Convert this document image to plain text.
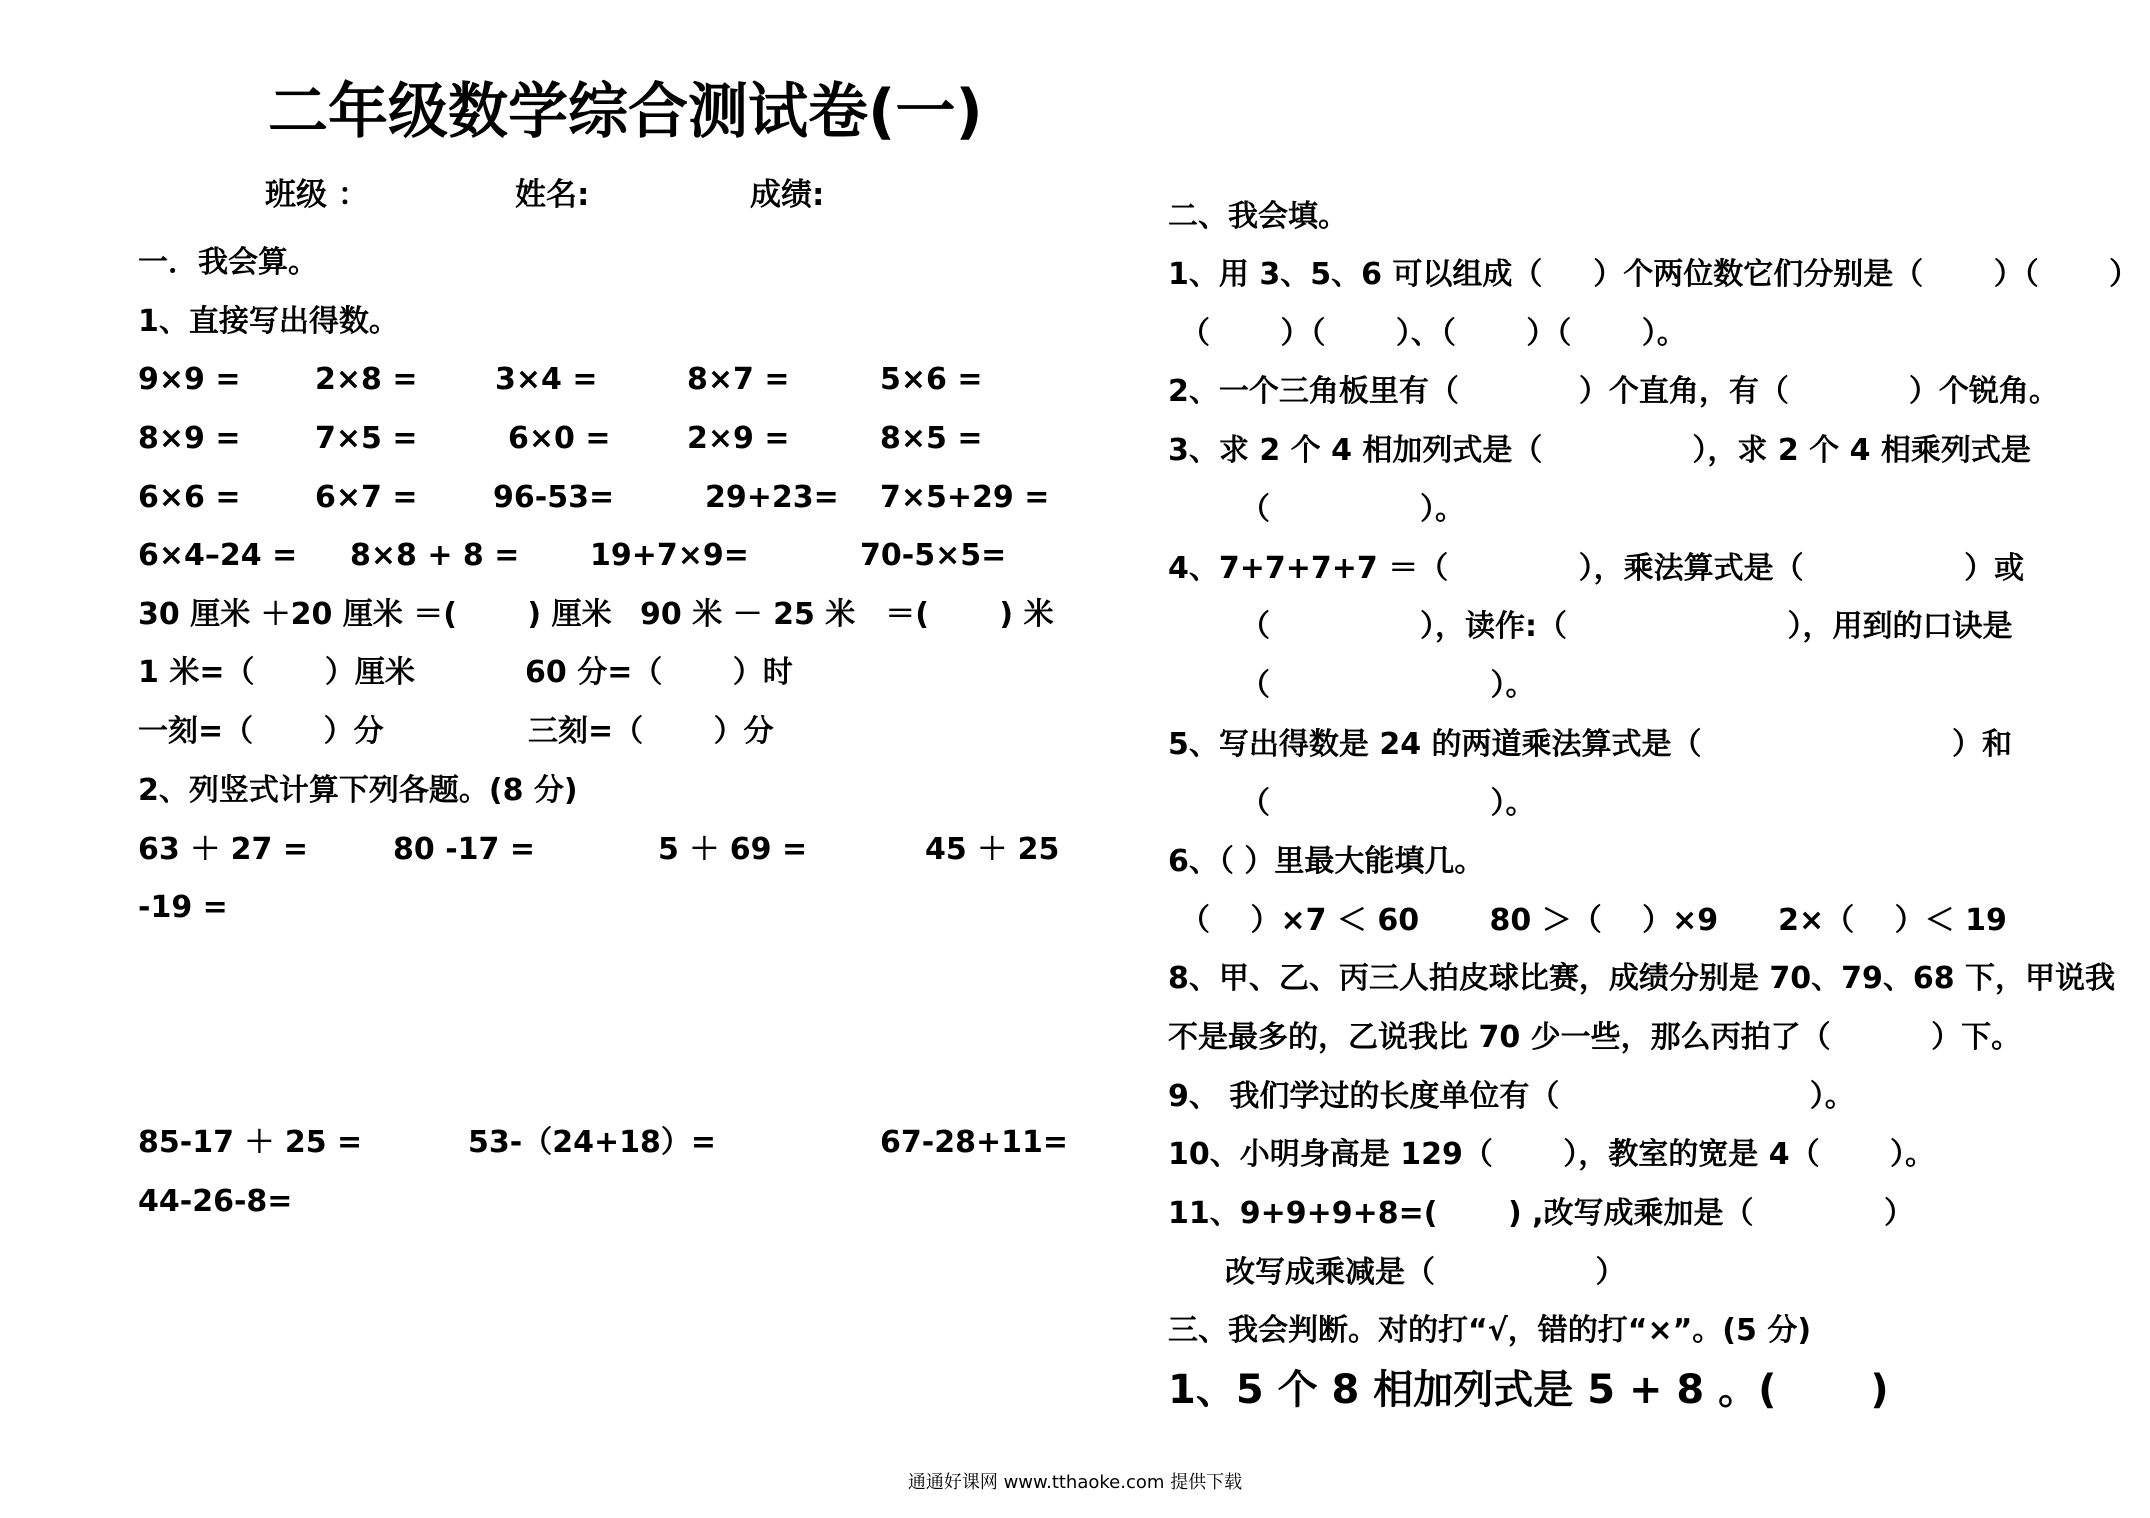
二年级数学综合测试卷(一)
班级 ：	姓名:	成绩:
一．我会算。
1、直接写出得数。
9×9 = 2×8 =	3×4 =	8×7 =	5×6 =
8×9 = 7×5 =	6×0 =	2×9 =	8×5 =
6×6 = 6×7 =	96-53=	29+23= 7×5+29 =
6×4–24 = 8×8 + 8 = 19+7×9=	70-5×5=
30 厘米 ＋20 厘米 ＝(　　 ) 厘米 90 米 － 25 米　＝(　　 ) 米
1 米=（　　 ）厘米	60 分=（　　 ）时
一刻=（　　 ）分	三刻=（　　 ）分
2、列竖式计算下列各题。(8 分)
63 ＋ 27 =	80 -17 =	5 ＋ 69 =	45 ＋ 25
-19 =
85-17 ＋ 25 =	53-（24+18）=	67-28+11=
44-26-8=
二、我会填。
1、用 3、5、6 可以组成（　  ）个两位数它们分别是（　　 ）（　　 ）
（　　 ）（　　 ）、（　　 ）（　　 ）。
2、一个三角板里有（　　　　）个直角，有（　　　　）个锐角。
3、求 2 个 4 相加列式是（　　　　　），求 2 个 4 相乘列式是
（　　　　　）。
4、7+7+7+7 ＝（　　　　 ），乘法算式是（　　　　　 ）或
（　　　　　），读作:（　　　　　　　 ），用到的口诀是
（　　　　　　　 ）。
5、写出得数是 24 的两道乘法算式是（　　　　　　　　 ）和
（　　　　　　　 ）。
6、（ ）里最大能填几。
（　 ）×7 ＜ 60　　 80 ＞（　 ）×9　　2×（　 ）＜ 19
8、甲、乙、丙三人拍皮球比赛，成绩分别是 70、79、68 下，甲说我
不是最多的，乙说我比 70 少一些，那么丙拍了（　　　 ）下。
9、 我们学过的长度单位有（　　　　　　　　 ）。
10、小明身高是 129（　　 ），教室的宽是 4（　　 ）。
11、9+9+9+8=(　　 ) ,改写成乘加是（　　　　 ）
改写成乘减是（　　　　　 ）
三、我会判断。对的打“√，错的打“×”。(5 分)
1、5 个 8 相加列式是 5 + 8 。(　　 )
通通好课网 www.tthaoke.com 提供下载
